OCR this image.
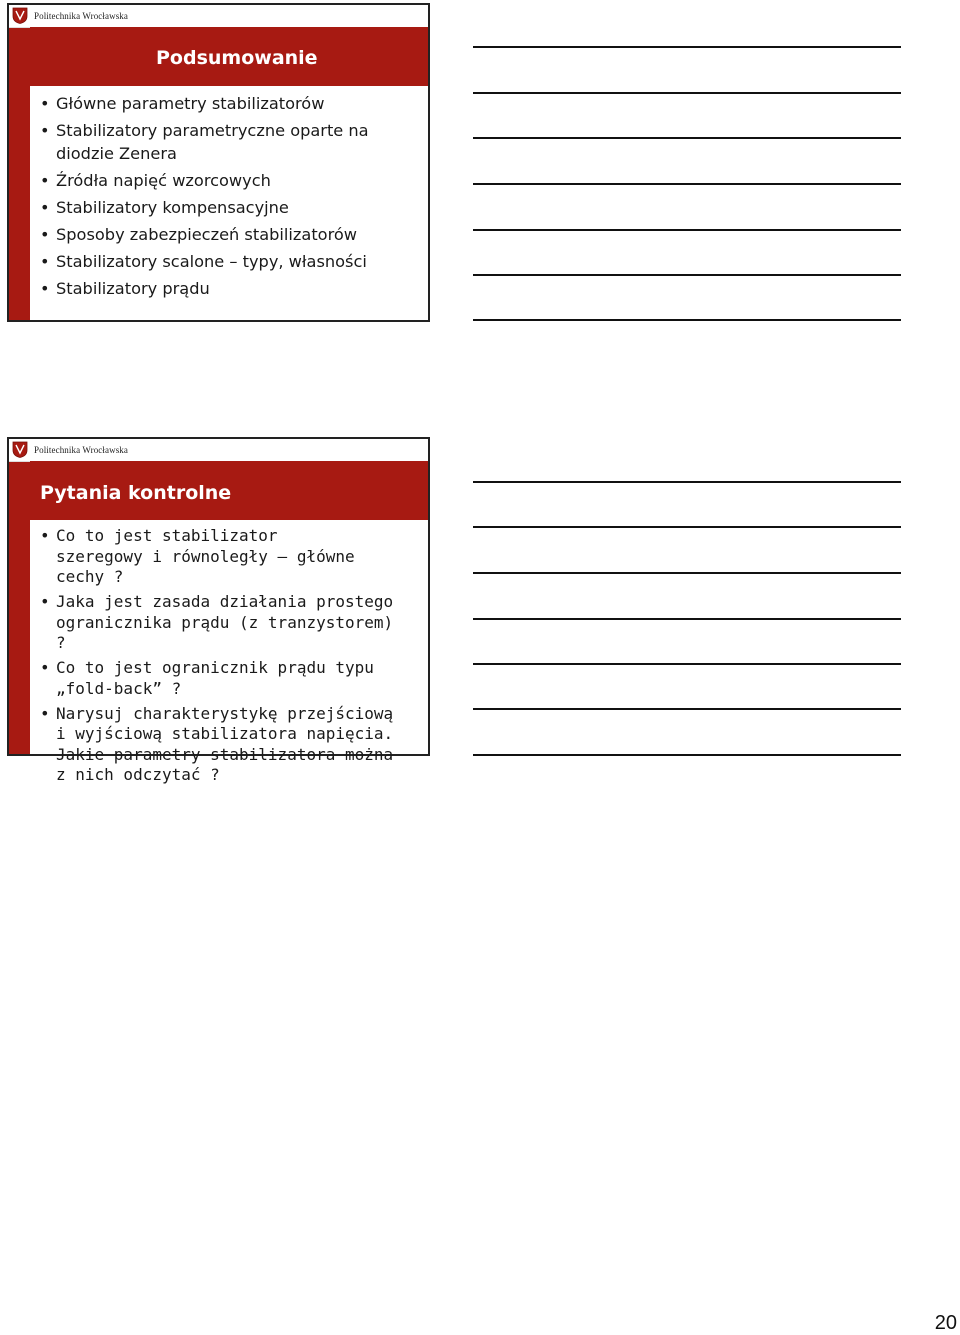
Politechnika Wrocławska
Podsumowanie
• Główne parametry stabilizatorów
• Stabilizatory parametryczne oparte na diodzie Zenera
• Źródła napięć wzorcowych
• Stabilizatory kompensacyjne
• Sposoby zabezpieczeń stabilizatorów
• Stabilizatory scalone – typy, własności
• Stabilizatory prądu
Politechnika Wrocławska
Pytania kontrolne
• Co to jest stabilizator szeregowy i równoległy – główne cechy ?
• Jaka jest zasada działania prostego ogranicznika prądu (z tranzystorem) ?
• Co to jest ogranicznik prądu typu „fold-back” ?
• Narysuj charakterystykę przejściową i wyjściową stabilizatora napięcia. Jakie parametry stabilizatora można z nich odczytać ?
20
